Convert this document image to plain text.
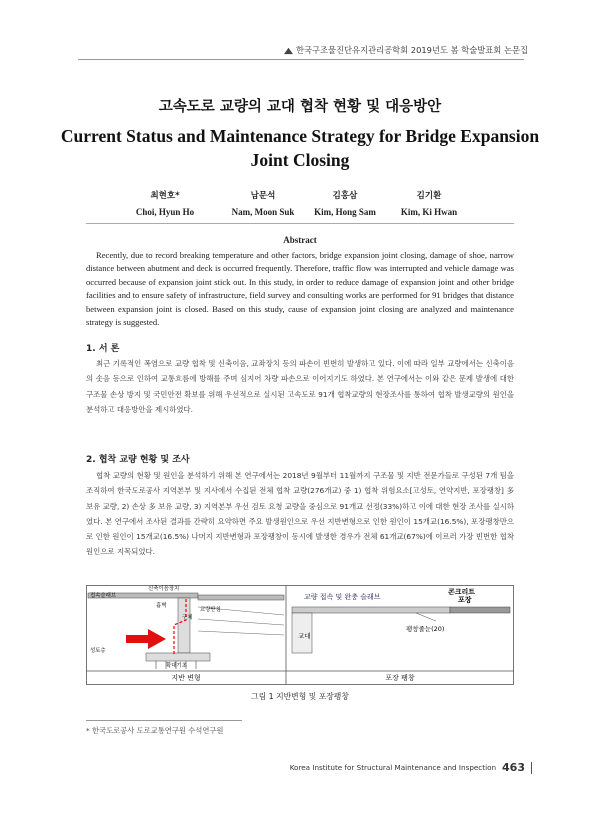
한국구조물진단유지관리공학회 2019년도 봄 학술발표회 논문집
고속도로 교량의 교대 협착 현황 및 대응방안
Current Status and Maintenance Strategy for Bridge Expansion Joint Closing
최현호*
Choi, Hyun Ho
남문석
Nam, Moon Suk
김홍삼
Kim, Hong Sam
김기환
Kim, Ki Hwan
Abstract
Recently, due to record breaking temperature and other factors, bridge expansion joint closing, damage of shoe, narrow distance between abutment and deck is occurred frequently. Therefore, traffic flow was interrupted and vehicle damage was occurred because of expansion joint stick out. In this study, in order to reduce damage of expansion joint and other bridge facilities and to ensure safety of infrastructure, field survey and consulting works are performed for 91 bridges that distance between expansion joint is closed. Based on this study, cause of expansion joint closing are analyzed and maintenance strategy is suggested.
1. 서 론
최근 기록적인 폭염으로 교량 협착 및 신축이음, 교좌장치 등의 파손이 빈번히 발생하고 있다. 이에 따라 일부 교량에서는 신축이음의 솟음 등으로 인하여 교통흐름에 방해를 주며 심지어 차량 파손으로 이어지기도 하였다. 본 연구에서는 이와 같은 문제 발생에 대한 구조물 손상 방지 및 국민안전 확보를 위해 우선적으로 실시된 고속도로 91개 협착교량의 현장조사를 통하여 협착 발생교량의 원인을 분석하고 대응방안을 제시하였다.
2. 협착 교량 현황 및 조사
협착 교량의 현황 및 원인을 분석하기 위해 본 연구에서는 2018년 9월부터 11월까지 구조물 및 지반 전문가들로 구성된 7개 팀을 조직하여 한국도로공사 지역본부 및 지사에서 수집된 전체 협착 교량(276개교) 중 1) 협착 위험요소[고성토, 연약지반, 포장팽창] 多 보유 교량, 2) 손상 多 보유 교량, 3) 지역본부 우선 검토 요청 교량을 중심으로 91개교 선정(33%)하고 이에 대한 현장 조사를 실시하였다. 본 연구에서 조사된 결과를 간략히 요약하면 주요 발생원인으로 우선 지반변형으로 인한 원인이 15개교(16.5%), 포장팽창만으로 인한 원인이 15개교(16.5%) 나머지 지반변형과 포장팽창이 동시에 발생한 경우가 전체 61개교(67%)에 이르러 가장 빈번한 협착 원인으로 지목되었다.
신축이음장치
접속슬래브
흉벽
교량받침
구체
성토층
확대기초
지반 변형
교량 접속 및 완충 슬래브
콘크리트
포장
교대
팽창줄눈(20)
포장 팽창
그림 1 지반변형 및 포장팽창
* 한국도로공사 도로교통연구원 수석연구원
Korea Institute for Structural Maintenance and Inspection 463
